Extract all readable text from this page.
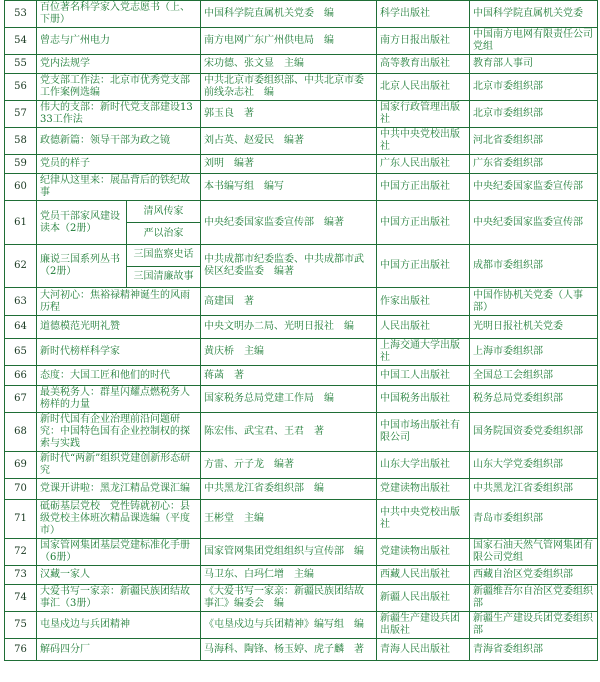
53	百位著名科学家入党志愿书（上、下册）		中国科学院直属机关党委　编	科学出版社	中国科学院直属机关党委
54	曾志与广州电力		南方电网广东广州供电局　编	南方日报出版社	中国南方电网有限责任公司党组
55	党内法规学		宋功德、张文显　主编	高等教育出版社	教育部人事司
56	党支部工作法：北京市优秀党支部工作案例选编		中共北京市委组织部、中共北京市委前线杂志社　编	北京人民出版社	北京市委组织部
57	伟大的支部：新时代党支部建设1333工作法		郭玉良　著	国家行政管理出版社	北京市委组织部
58	政德新篇：领导干部为政之镜		刘占英、赵爱民　编著	中共中央党校出版社	河北省委组织部
59	党员的样子		刘明　编著	广东人民出版社	广东省委组织部
60	纪律从这里来：展品背后的铁纪故事		本书编写组　编写	中国方正出版社	中央纪委国家监委宣传部
61	党员干部家风建设读本（2册）	清风传家	中央纪委国家监委宣传部　编著	中国方正出版社	中央纪委国家监委宣传部
		严以治家			
62	廉说三国系列丛书（2册）	三国监察史话	中共成都市纪委监委、中共成都市武侯区纪委监委　编著	中国方正出版社	成都市委组织部
		三国清廉故事			
63	大河初心：焦裕禄精神诞生的风雨历程		高建国　著	作家出版社	中国作协机关党委（人事部）
64	道德模范光明礼赞		中央文明办二局、光明日报社　编	人民出版社	光明日报社机关党委
65	新时代榜样科学家		黄庆桥　主编	上海交通大学出版社	上海市委组织部
66	态度：大国工匠和他们的时代		蒋菡　著	中国工人出版社	全国总工会组织部
67	最美税务人：群星闪耀点燃税务人榜样的力量		国家税务总局党建工作局　编	中国税务出版社	税务总局党委组织部
68	新时代国有企业治理前沿问题研究：中国特色国有企业控制权的探索与实践		陈宏伟、武宝君、王君　著	中国市场出版社有限公司	国务院国资委党委组织部
69	新时代“两新”组织党建创新形态研究		方雷、亓子龙　编著	山东大学出版社	山东大学党委组织部
70	党课开讲啦：黑龙江精品党课汇编		中共黑龙江省委组织部　编	党建读物出版社	中共黑龙江省委组织部
71	砥砺基层党校　党性铸就初心：县级党校主体班次精品课选编（平度市）		王彬堂　主编	中共中央党校出版社	青岛市委组织部
72	国家管网集团基层党建标准化手册（6册）		国家管网集团党组组织与宣传部　编	党建读物出版社	国家石油天然气管网集团有限公司党组
73	汉藏一家人		马卫东、白玛仁增　主编	西藏人民出版社	西藏自治区党委组织部
74	大爱书写一家亲：新疆民族团结故事汇（3册）		《大爱书写一家亲：新疆民族团结故事汇》编委会　编	新疆人民出版社	新疆维吾尔自治区党委组织部
75	屯垦戍边与兵团精神		《屯垦戍边与兵团精神》编写组　编	新疆生产建设兵团出版社	新疆生产建设兵团党委组织部
76	解码四分厂		马海科、陶锋、杨玉婷、虎子麟　著	青海人民出版社	青海省委组织部
